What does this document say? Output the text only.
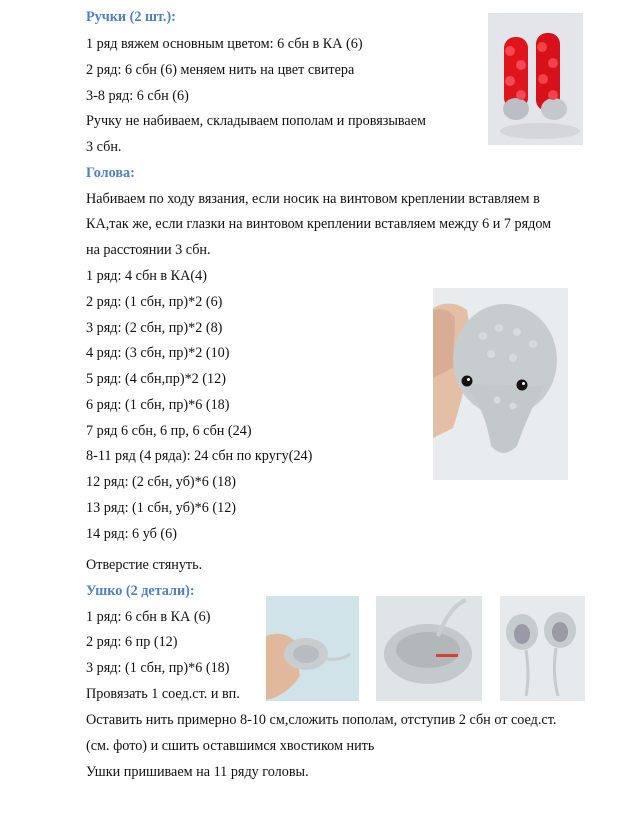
Ручки (2 шт.):
1 ряд вяжем основным цветом: 6 сбн в КА (6)
2 ряд: 6 сбн (6) меняем нить на цвет свитера
3-8 ряд: 6 сбн (6)
Ручку не набиваем, складываем пополам и провязываем
3 сбн.
Голова:
Набиваем по ходу вязания, если носик на винтовом креплении вставляем в
КА,так же, если глазки на винтовом креплении вставляем между 6 и 7 рядом
на расстоянии 3 сбн.
1 ряд: 4 сбн в КА(4)
2 ряд: (1 сбн, пр)*2 (6)
3 ряд: (2 сбн, пр)*2 (8)
4 ряд: (3 сбн, пр)*2 (10)
5 ряд: (4 сбн,пр)*2 (12)
6 ряд: (1 сбн, пр)*6 (18)
7 ряд 6 сбн, 6 пр, 6 сбн (24)
8-11 ряд (4 ряда): 24 сбн по кругу(24)
12 ряд: (2 сбн, уб)*6 (18)
13 ряд: (1 сбн, уб)*6 (12)
14 ряд: 6 уб (6)
Отверстие стянуть.
Ушко (2 детали):
1 ряд: 6 сбн в КА (6)
2 ряд: 6 пр (12)
3 ряд: (1 сбн, пр)*6 (18)
Провязать 1 соед.ст. и вп.
Оставить нить примерно 8-10 см,сложить пополам, отступив 2 сбн от соед.ст.
(см. фото) и сшить оставшимся хвостиком нить
Ушки пришиваем на 11 ряду головы.
